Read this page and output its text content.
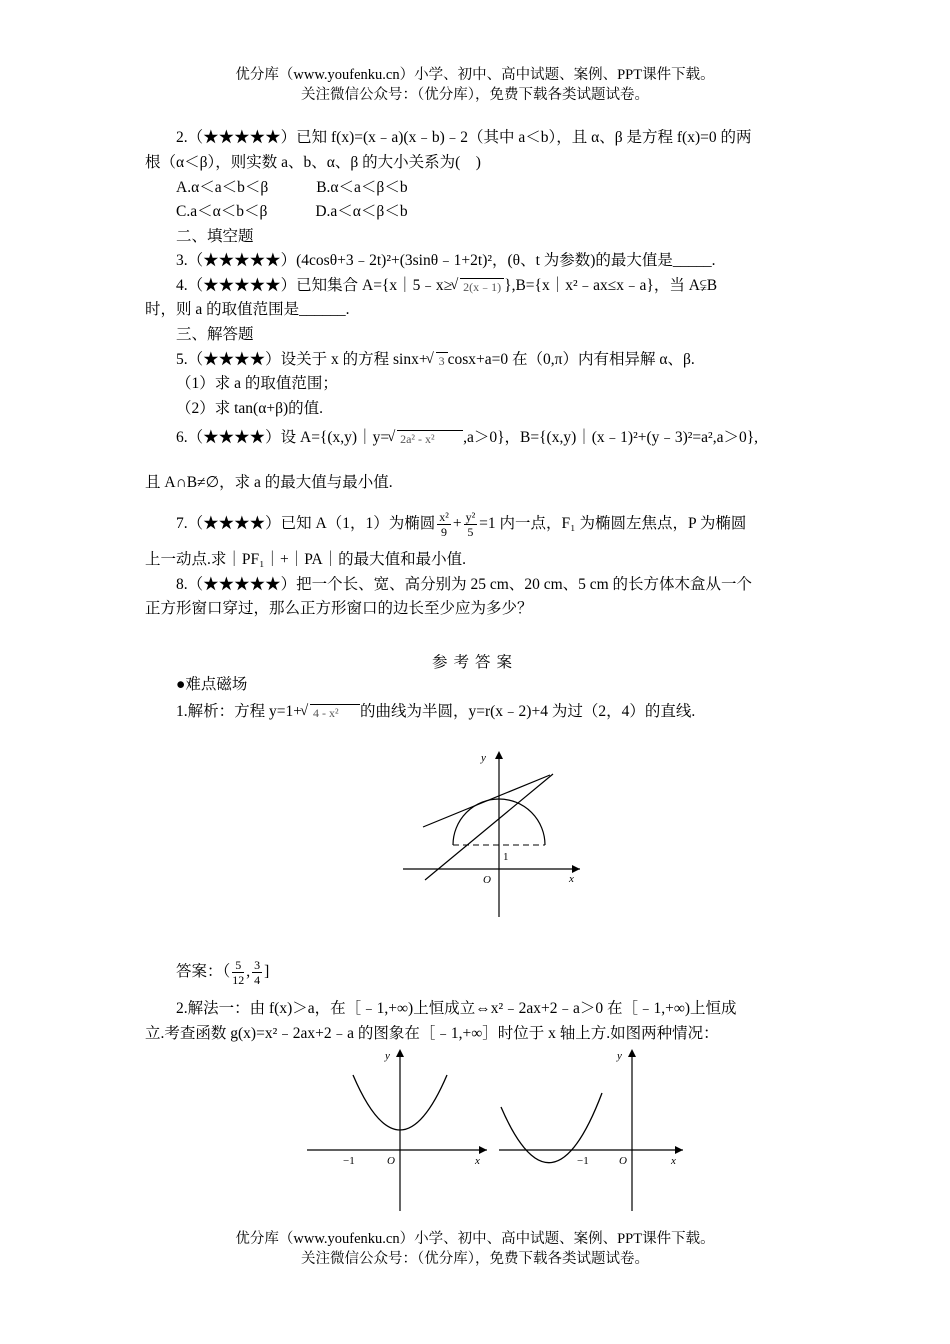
优分库（www.youfenku.cn）小学、初中、高中试题、案例、PPT课件下载。
关注微信公众号：（优分库），免费下载各类试题试卷。
2.（★★★★★）已知 f(x)=(x﹣a)(x﹣b)﹣2（其中 a＜b），且 α、β 是方程 f(x)=0 的两
根（α＜β），则实数 a、b、α、β 的大小关系为(　)
A.α＜a＜b＜β	B.α＜a＜β＜b
C.a＜α＜b＜β	D.a＜α＜β＜b
二、填空题
3.（★★★★★）(4cosθ+3﹣2t)²+(3sinθ﹣1+2t)²，(θ、t 为参数)的最大值是_____.
4.（★★★★★）已知集合 A={x｜5﹣x≥ √ 2(x﹣1) },B={x｜x²﹣ax≤x﹣a}，当 A⫋B
时，则 a 的取值范围是______.
三、解答题
5.（★★★★）设关于 x 的方程 sinx+ √ 3 cosx+a=0 在（0,π）内有相异解 α、β.
（1）求 a 的取值范围；
（2）求 tan(α+β)的值.
6.（★★★★）设 A={(x,y)｜y= √ 2a² - x² ,a＞0}，B={(x,y)｜(x﹣1)²+(y﹣3)²=a²,a＞0},
且 A∩B≠∅，求 a 的最大值与最小值.
7.（★★★★）已知 A（1，1）为椭圆 $\frac{\text{x²}}{9} + \frac{\text{y²}}{5} =1$ 内一点，F₁ 为椭圆左焦点，P 为椭圆
上一动点.求｜PF₁｜+｜PA｜的最大值和最小值.
8.（★★★★★）把一个长、宽、高分别为 25 cm、20 cm、5 cm 的长方体木盒从一个
正方形窗口穿过，那么正方形窗口的边长至少应为多少？
参考答案
●难点磁场
1.解析：方程 y=1+ √ 4 - x² 的曲线为半圆，y=r(x﹣2)+4 为过（2，4）的直线.
y
x
O
1
答案：（ $\frac{5}{12}$ , $\frac{3}{4}$ ]
2.解法一：由 f(x)＞a，在［﹣1,+∞)上恒成立⇔x²﹣2ax+2﹣a＞0 在［﹣1,+∞)上恒成
立.考查函数 g(x)=x²﹣2ax+2﹣a 的图象在［﹣1,+∞］时位于 x 轴上方.如图两种情况：
y
x
O
−1
y
x
O
−1
优分库（www.youfenku.cn）小学、初中、高中试题、案例、PPT课件下载。
关注微信公众号：（优分库），免费下载各类试题试卷。
